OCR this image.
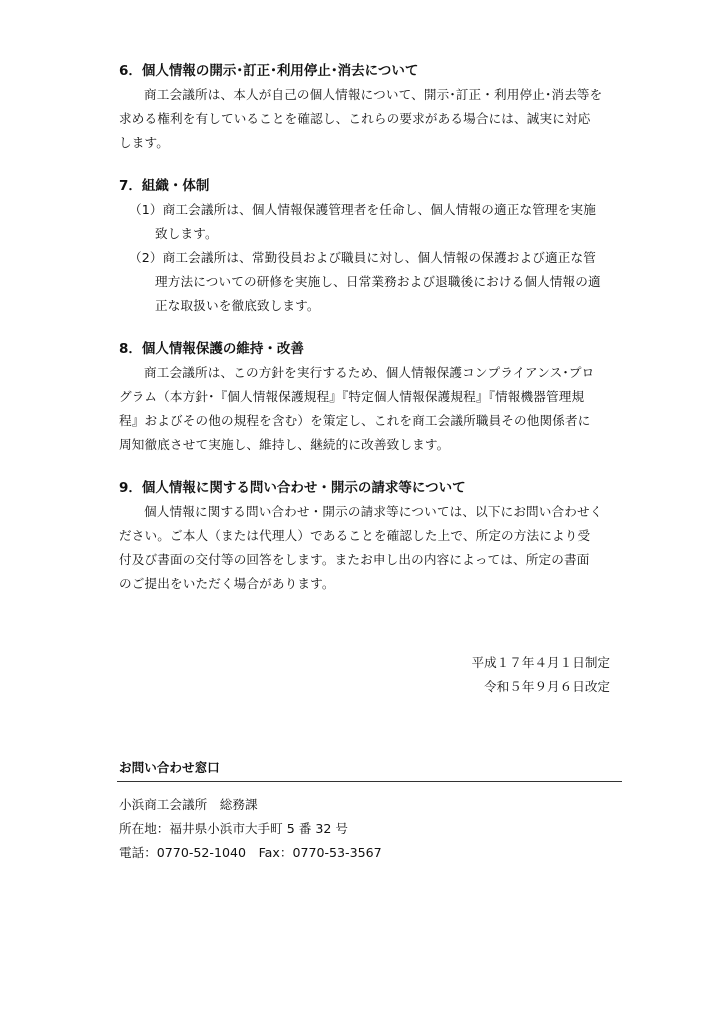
6．個人情報の開示･訂正･利用停止･消去について
商工会議所は、本人が自己の個人情報について、開示･訂正・利用停止･消去等を
求める権利を有していることを確認し、これらの要求がある場合には、誠実に対応
します。
7．組織・体制
（1）商工会議所は、個人情報保護管理者を任命し、個人情報の適正な管理を実施
致します。
（2）商工会議所は、常勤役員および職員に対し、個人情報の保護および適正な管
理方法についての研修を実施し、日常業務および退職後における個人情報の適
正な取扱いを徹底致します。
8．個人情報保護の維持・改善
商工会議所は、この方針を実行するため、個人情報保護コンプライアンス･プロ
グラム（本方針･『個人情報保護規程』『特定個人情報保護規程』『情報機器管理規
程』およびその他の規程を含む）を策定し、これを商工会議所職員その他関係者に
周知徹底させて実施し、維持し、継続的に改善致します。
9．個人情報に関する問い合わせ・開示の請求等について
個人情報に関する問い合わせ・開示の請求等については、以下にお問い合わせく
ださい。ご本人（または代理人）であることを確認した上で、所定の方法により受
付及び書面の交付等の回答をします。またお申し出の内容によっては、所定の書面
のご提出をいただく場合があります。
平成１７年４月１日制定
令和５年９月６日改定
お問い合わせ窓口
小浜商工会議所　総務課
所在地：福井県小浜市大手町 5 番 32 号
電話：0770-52-1040　Fax：0770-53-3567
